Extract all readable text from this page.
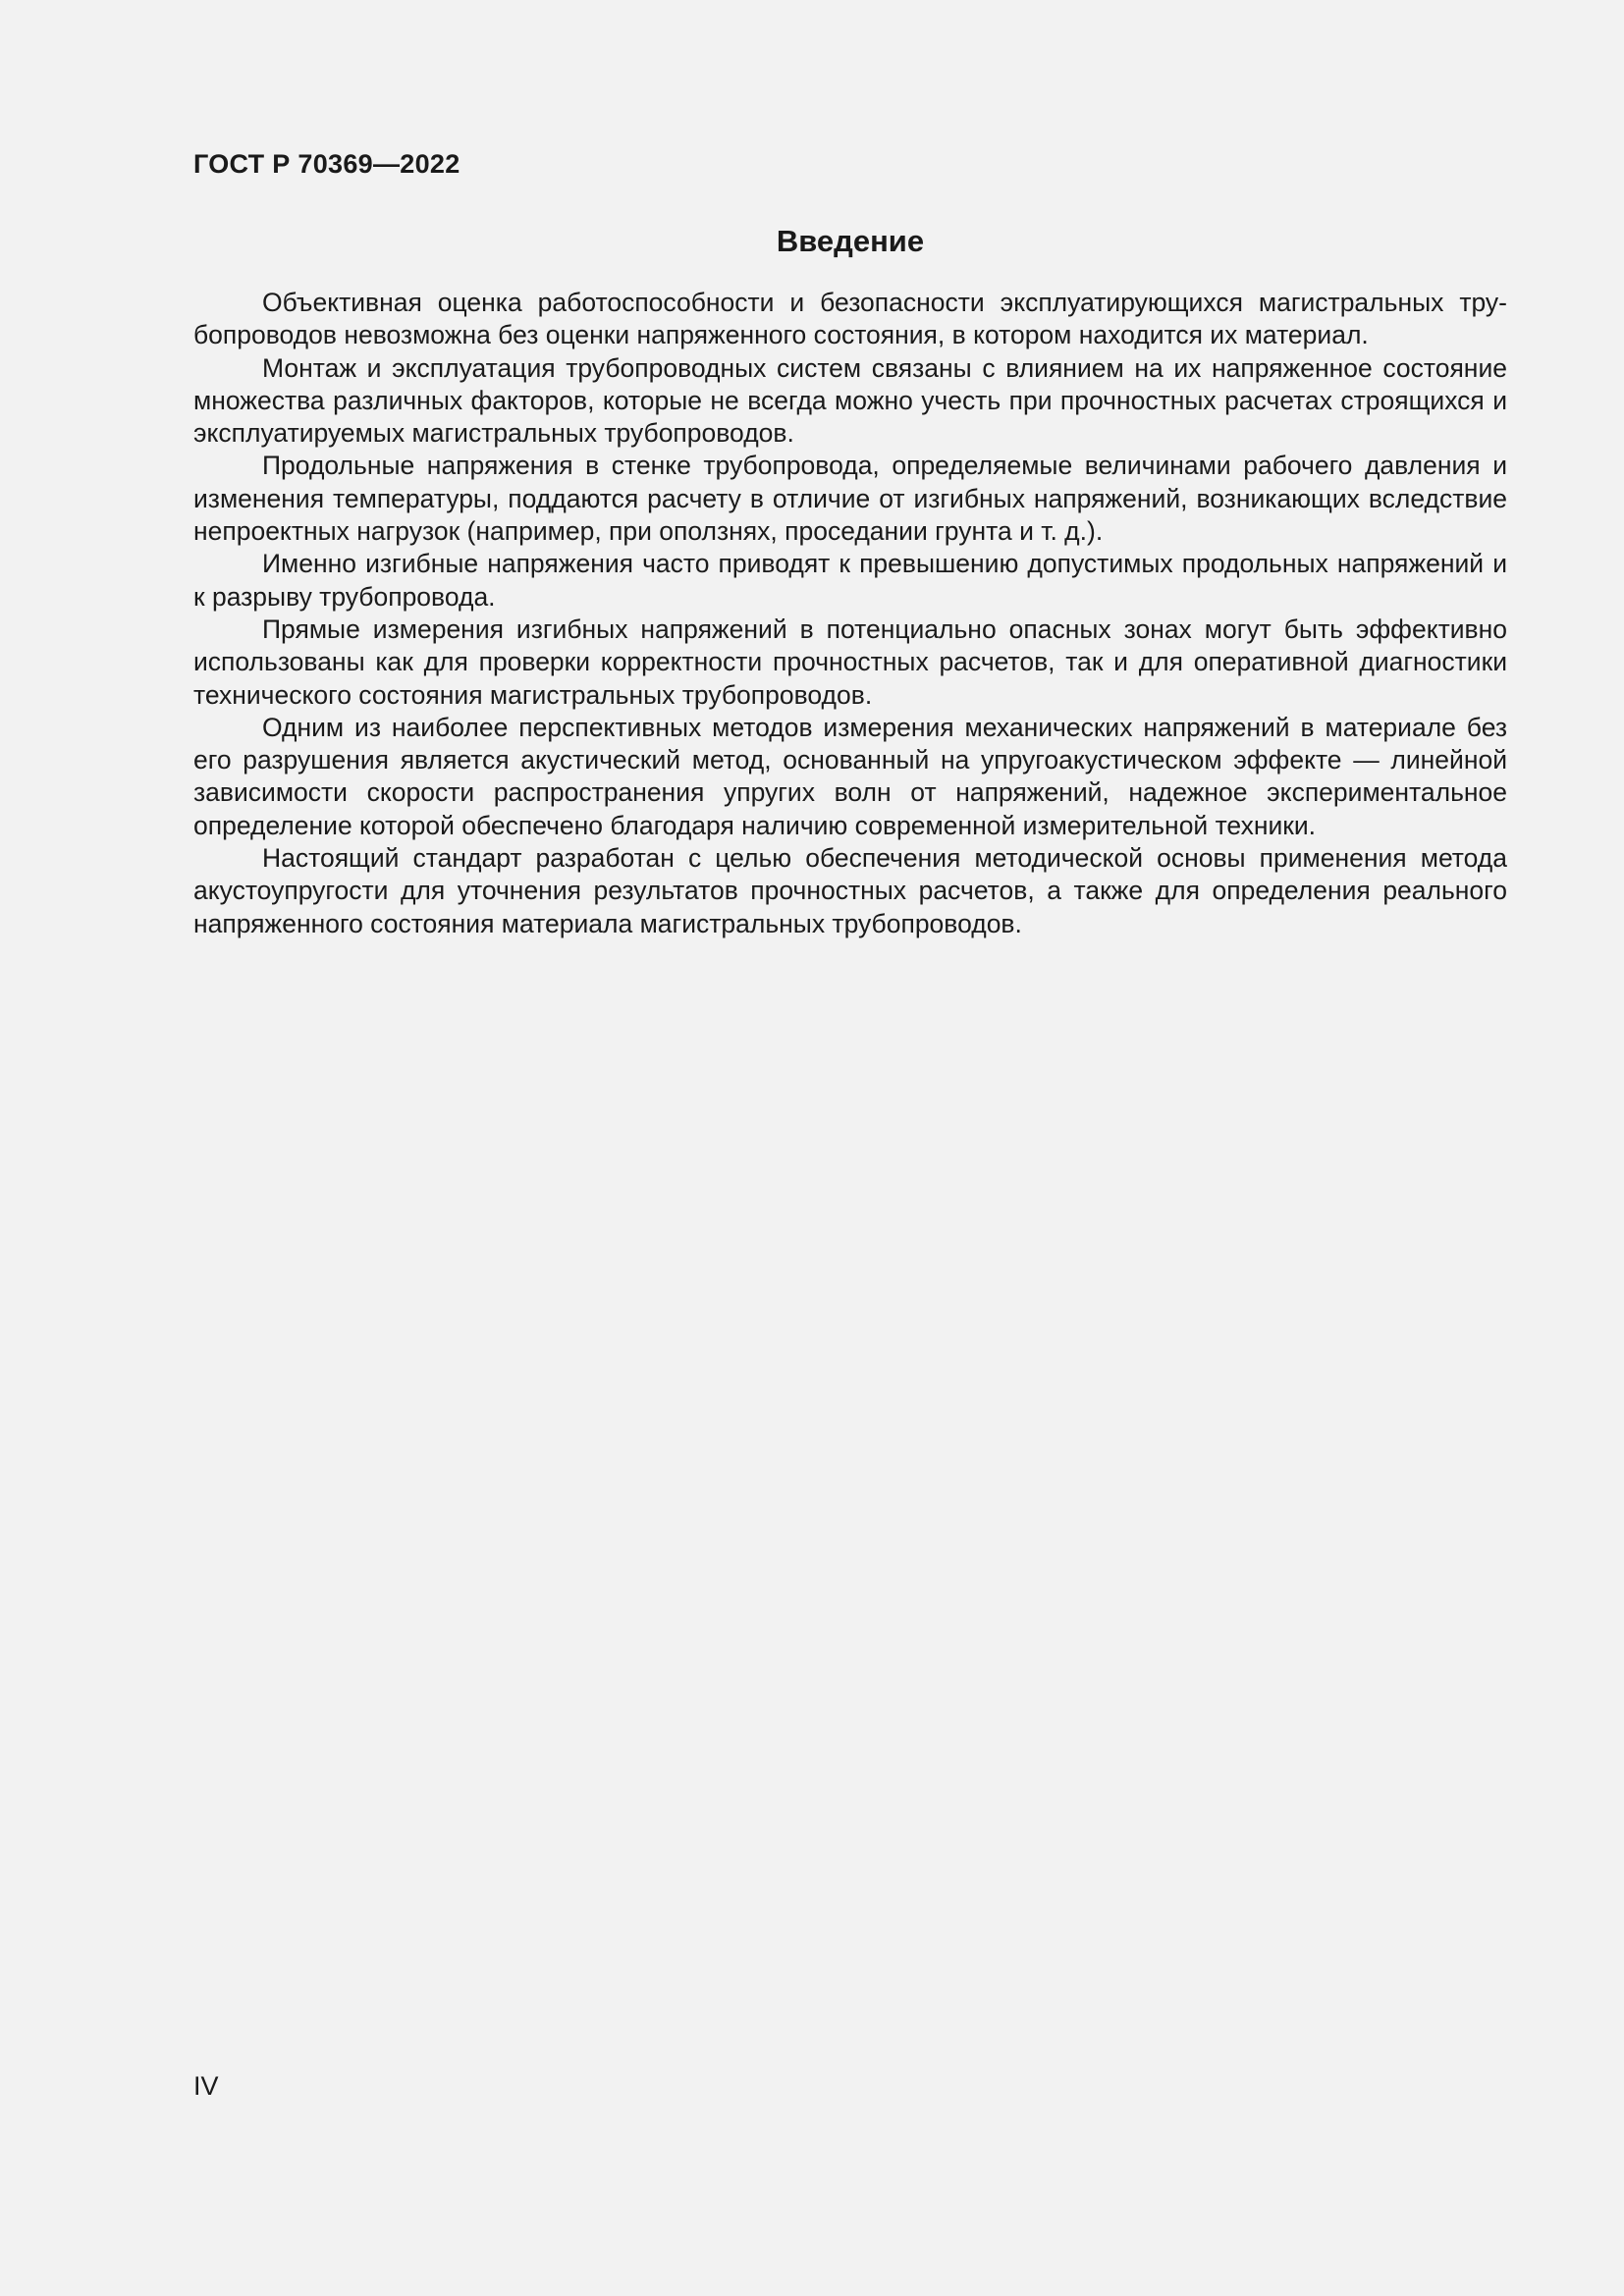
ГОСТ Р 70369—2022
Введение

Объективная оценка работоспособности и безопасности эксплуатирующихся магистральных трубопроводов невозможна без оценки напряженного состояния, в котором находится их материал.

Монтаж и эксплуатация трубопроводных систем связаны с влиянием на их напряженное состояние множества различных факторов, которые не всегда можно учесть при прочностных расчетах строящихся и эксплуатируемых магистральных трубопроводов.

Продольные напряжения в стенке трубопровода, определяемые величинами рабочего давления и изменения температуры, поддаются расчету в отличие от изгибных напряжений, возникающих вследствие непроектных нагрузок (например, при оползнях, проседании грунта и т. д.).

Именно изгибные напряжения часто приводят к превышению допустимых продольных напряжений и к разрыву трубопровода.

Прямые измерения изгибных напряжений в потенциально опасных зонах могут быть эффективно использованы как для проверки корректности прочностных расчетов, так и для оперативной диагностики технического состояния магистральных трубопроводов.

Одним из наиболее перспективных методов измерения механических напряжений в материале без его разрушения является акустический метод, основанный на упругоакустическом эффекте — линейной зависимости скорости распространения упругих волн от напряжений, надежное экспериментальное определение которой обеспечено благодаря наличию современной измерительной техники.

Настоящий стандарт разработан с целью обеспечения методической основы применения метода акустоупругости для уточнения результатов прочностных расчетов, а также для определения реального напряженного состояния материала магистральных трубопроводов.

IV
